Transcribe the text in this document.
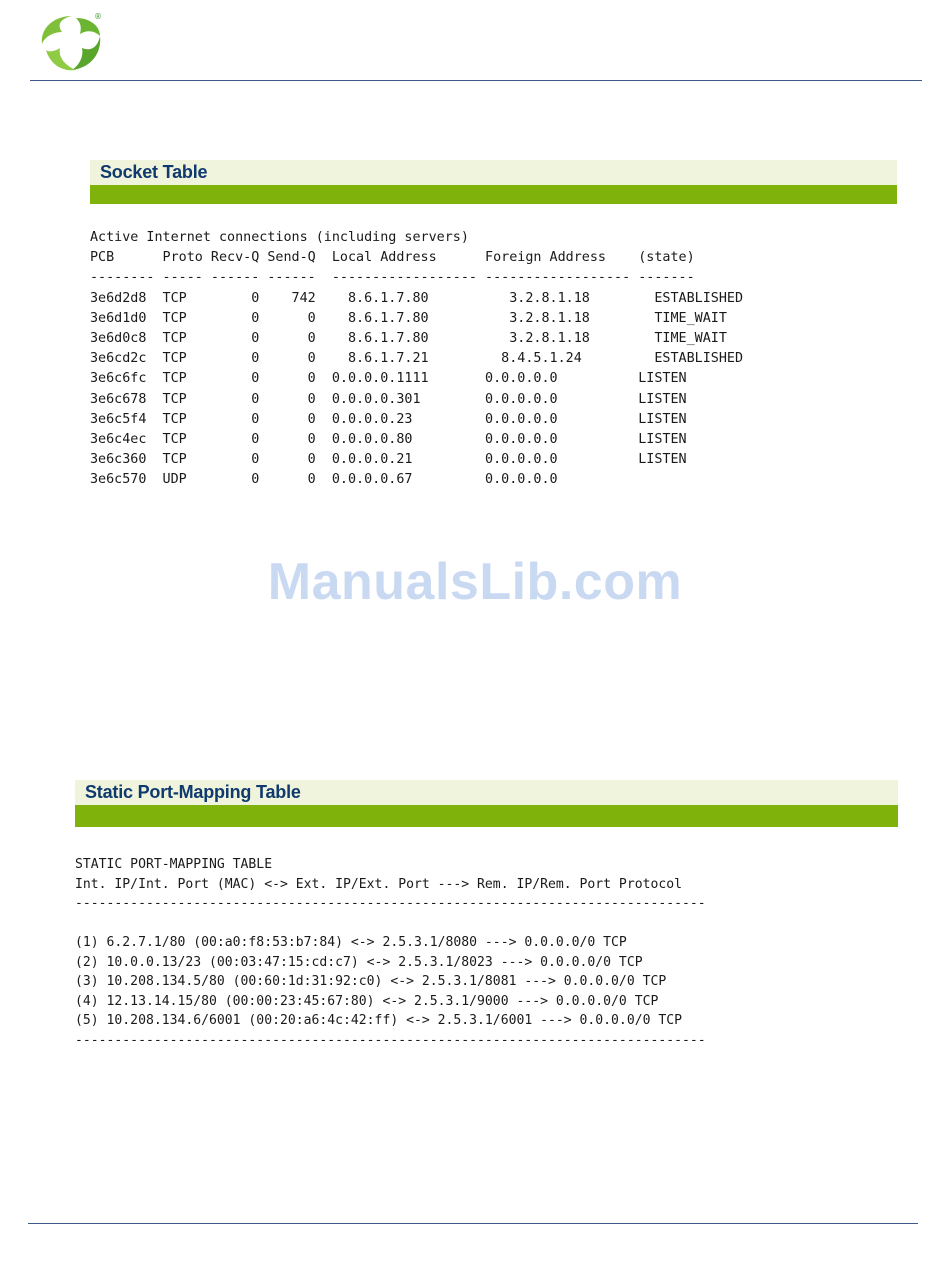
®
Socket Table
Active Internet connections (including servers)
PCB      Proto Recv-Q Send-Q  Local Address      Foreign Address    (state)
-------- ----- ------ ------  ------------------ ------------------ -------
3e6d2d8  TCP        0    742    8.6.1.7.80          3.2.8.1.18        ESTABLISHED
3e6d1d0  TCP        0      0    8.6.1.7.80          3.2.8.1.18        TIME_WAIT
3e6d0c8  TCP        0      0    8.6.1.7.80          3.2.8.1.18        TIME_WAIT
3e6cd2c  TCP        0      0    8.6.1.7.21         8.4.5.1.24         ESTABLISHED
3e6c6fc  TCP        0      0  0.0.0.0.1111       0.0.0.0.0          LISTEN
3e6c678  TCP        0      0  0.0.0.0.301        0.0.0.0.0          LISTEN
3e6c5f4  TCP        0      0  0.0.0.0.23         0.0.0.0.0          LISTEN
3e6c4ec  TCP        0      0  0.0.0.0.80         0.0.0.0.0          LISTEN
3e6c360  TCP        0      0  0.0.0.0.21         0.0.0.0.0          LISTEN
3e6c570  UDP        0      0  0.0.0.0.67         0.0.0.0.0
ManualsLib.com
Static Port-Mapping Table
STATIC PORT-MAPPING TABLE
Int. IP/Int. Port (MAC) <-> Ext. IP/Ext. Port ---> Rem. IP/Rem. Port Protocol
--------------------------------------------------------------------------------

(1) 6.2.7.1/80 (00:a0:f8:53:b7:84) <-> 2.5.3.1/8080 ---> 0.0.0.0/0 TCP
(2) 10.0.0.13/23 (00:03:47:15:cd:c7) <-> 2.5.3.1/8023 ---> 0.0.0.0/0 TCP
(3) 10.208.134.5/80 (00:60:1d:31:92:c0) <-> 2.5.3.1/8081 ---> 0.0.0.0/0 TCP
(4) 12.13.14.15/80 (00:00:23:45:67:80) <-> 2.5.3.1/9000 ---> 0.0.0.0/0 TCP
(5) 10.208.134.6/6001 (00:20:a6:4c:42:ff) <-> 2.5.3.1/6001 ---> 0.0.0.0/0 TCP
--------------------------------------------------------------------------------
